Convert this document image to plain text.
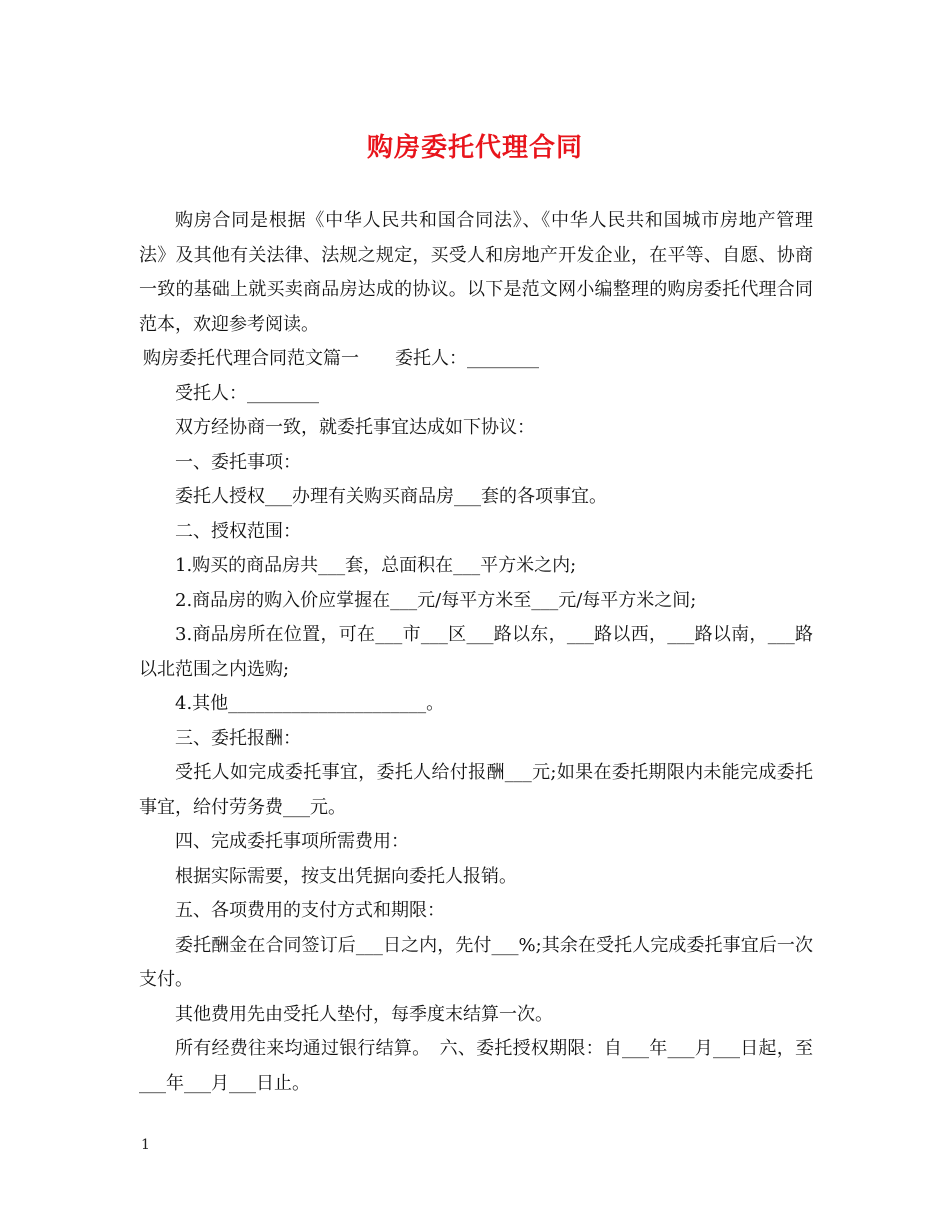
购房委托代理合同

购房合同是根据《中华人民共和国合同法》、《中华人民共和国城市房地产管理法》及其他有关法律、法规之规定，买受人和房地产开发企业，在平等、自愿、协商一致的基础上就买卖商品房达成的协议。以下是范文网小编整理的购房委托代理合同范本，欢迎参考阅读。

购房委托代理合同范文篇一　　委托人：________

受托人：________

双方经协商一致，就委托事宜达成如下协议：

一、委托事项：

委托人授权___办理有关购买商品房___套的各项事宜。

二、授权范围：

1.购买的商品房共___套，总面积在___平方米之内;

2.商品房的购入价应掌握在___元/每平方米至___元/每平方米之间;

3.商品房所在位置，可在___市___区___路以东，___路以西，___路以南，___路以北范围之内选购;

4.其他______________________。

三、委托报酬：

受托人如完成委托事宜，委托人给付报酬___元;如果在委托期限内未能完成委托事宜，给付劳务费___元。

四、完成委托事项所需费用：

根据实际需要，按支出凭据向委托人报销。

五、各项费用的支付方式和期限：

委托酬金在合同签订后___日之内，先付___%;其余在受托人完成委托事宜后一次支付。

其他费用先由受托人垫付，每季度末结算一次。

所有经费往来均通过银行结算。　六、委托授权期限：自___年___月___日起，至___年___月___日止。

1
